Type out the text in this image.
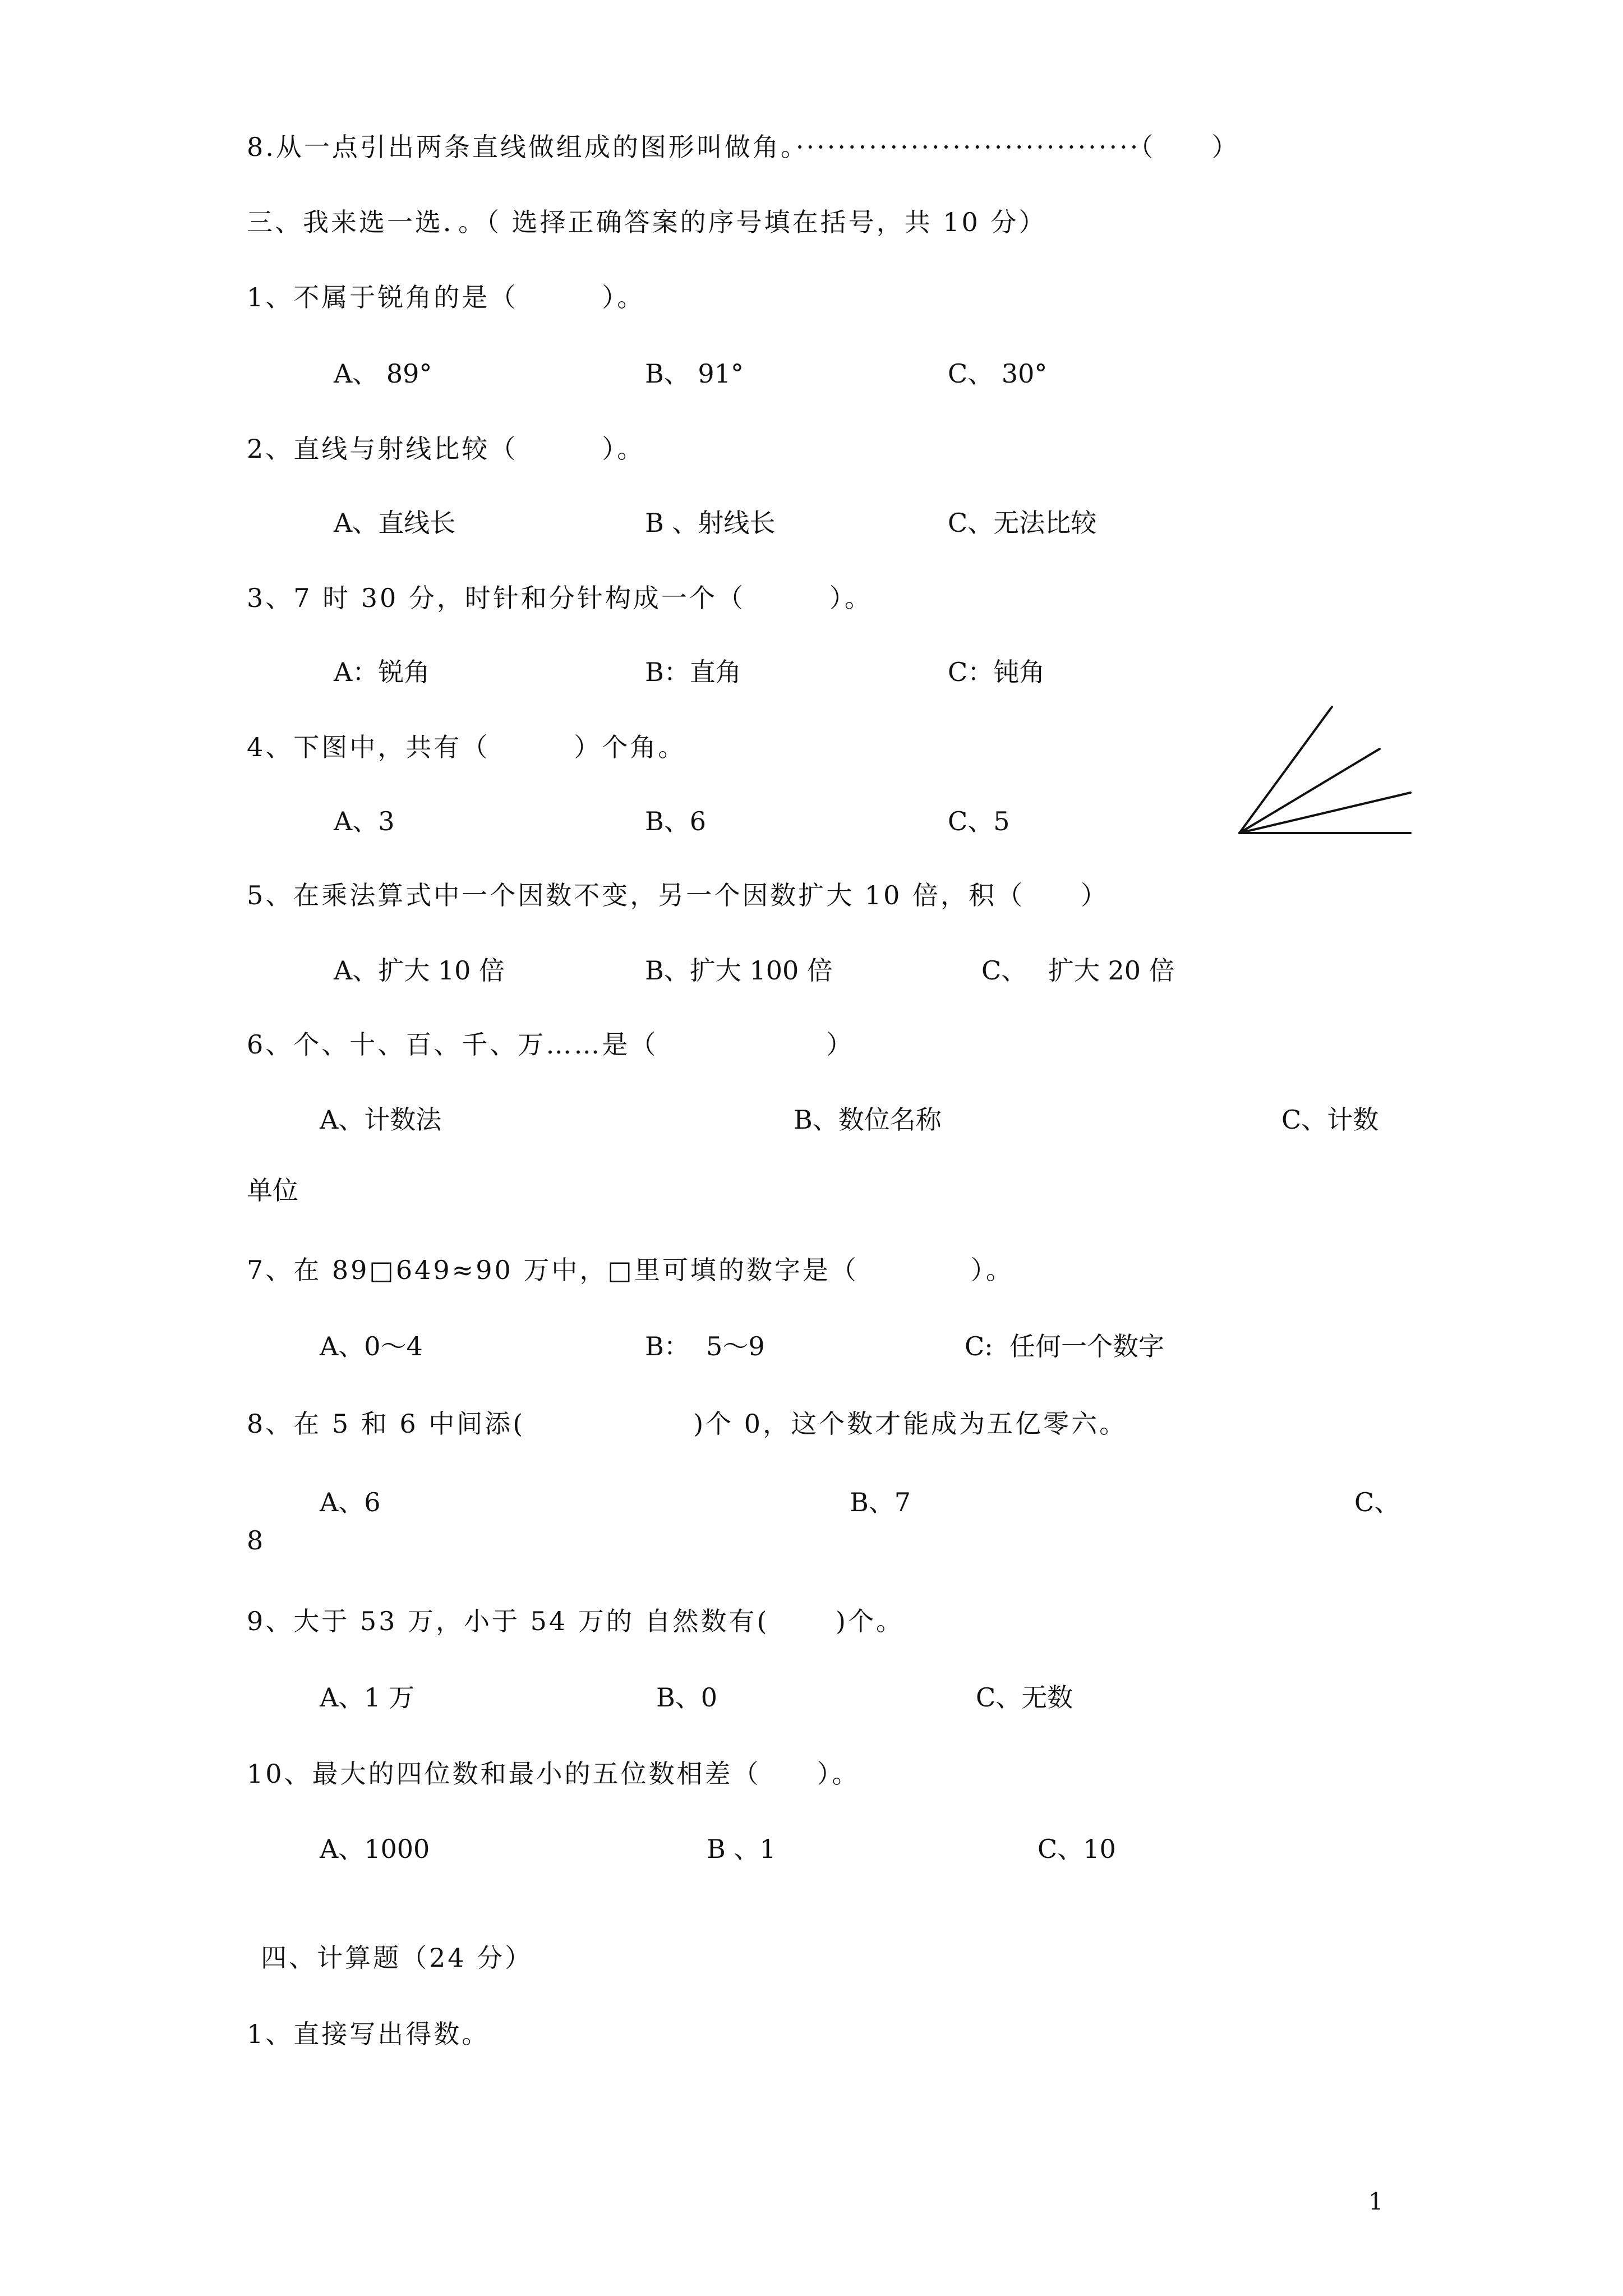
8.从一点引出两条直线做组成的图形叫做角。·································（　　）
三、我来选一选．。（ 选择正确答案的序号填在括号，共 10 分）
1、不属于锐角的是（　　　）。
A、 89°	B、 91°	C、 30°
2、直线与射线比较（　　　）。
A、直线长	B 、射线长	C、无法比较
3、7 时 30 分，时针和分针构成一个（　　　）。
A：锐角	B：直角	C：钝角
4、下图中，共有（　　　）个角。
A、3	B、6	C、5
5、在乘法算式中一个因数不变，另一个因数扩大 10 倍，积（　　）
A、扩大 10 倍	B、扩大 100 倍	C、　 扩大 20 倍
6、个、十、百、千、万……是（　　　　　　）
A、计数法	B、数位名称	C、计数
单位
7、在 89□649≈90 万中，□里可填的数字是（　　　　）。
A、0～4	B：  5～9	C:  任何一个数字
8、在 5 和 6 中间添(　　　　　　)个 0，这个数才能成为五亿零六。
A、6	B、7	C、
8
9、大于 53 万，小于 54 万的 自然数有(　　 )个。
A、1 万	B、0	C、无数
10、最大的四位数和最小的五位数相差（　　）。
A、1000	B 、1	C、10
四、计算题（24 分）
1、直接写出得数。
1
